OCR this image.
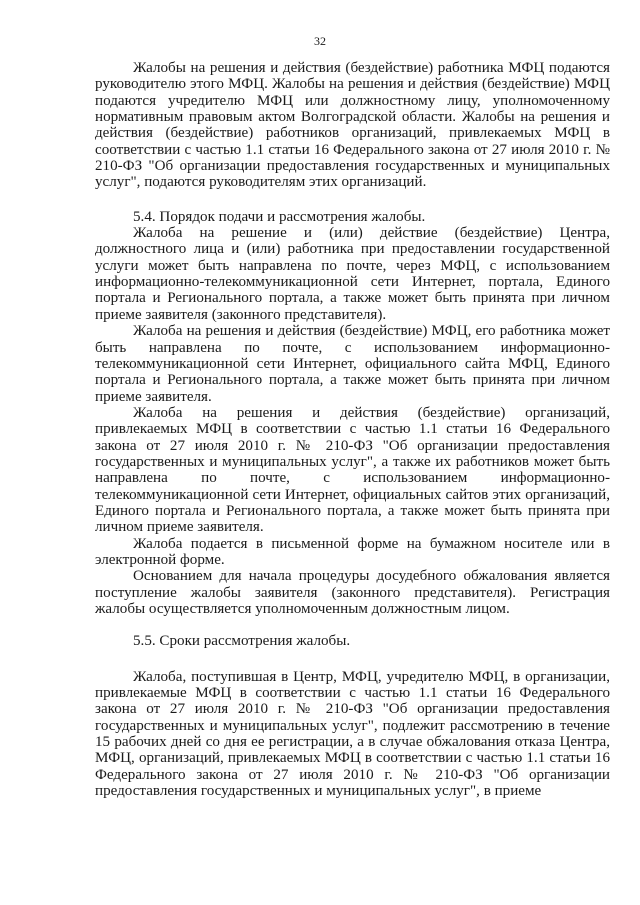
32

Жалобы на решения и действия (бездействие) работника МФЦ подаются руководителю этого МФЦ. Жалобы на решения и действия (бездействие) МФЦ подаются учредителю МФЦ или должностному лицу, уполномоченному нормативным правовым актом Волгоградской области. Жалобы на решения и действия (бездействие) работников организаций, привлекаемых МФЦ в соответствии с частью 1.1 статьи 16 Федерального закона от 27 июля 2010 г. № 210-ФЗ "Об организации предоставления государственных и муниципальных услуг", подаются руководителям этих организаций.

5.4. Порядок подачи и рассмотрения жалобы.

Жалоба на решение и (или) действие (бездействие) Центра, должностного лица и (или) работника при предоставлении государственной услуги может быть направлена по почте, через МФЦ, с использованием информационно-телекоммуникационной сети Интернет, портала, Единого портала и Регионального портала, а также может быть принята при личном приеме заявителя (законного представителя).

Жалоба на решения и действия (бездействие) МФЦ, его работника может быть направлена по почте, с использованием информационно-телекоммуникационной сети Интернет, официального сайта МФЦ, Единого портала и Регионального портала, а также может быть принята при личном приеме заявителя.

Жалоба на решения и действия (бездействие) организаций, привлекаемых МФЦ в соответствии с частью 1.1 статьи 16 Федерального закона от 27 июля 2010 г. № 210-ФЗ "Об организации предоставления государственных и муниципальных услуг", а также их работников может быть направлена по почте, с использованием информационно-телекоммуникационной сети Интернет, официальных сайтов этих организаций, Единого портала и Регионального портала, а также может быть принята при личном приеме заявителя.

Жалоба подается в письменной форме на бумажном носителе или в электронной форме.

Основанием для начала процедуры досудебного обжалования является поступление жалобы заявителя (законного представителя). Регистрация жалобы осуществляется уполномоченным должностным лицом.

5.5. Сроки рассмотрения жалобы.

Жалоба, поступившая в Центр, МФЦ, учредителю МФЦ, в организации, привлекаемые МФЦ в соответствии с частью 1.1 статьи 16 Федерального закона от 27 июля 2010 г. № 210-ФЗ "Об организации предоставления государственных и муниципальных услуг", подлежит рассмотрению в течение 15 рабочих дней со дня ее регистрации, а в случае обжалования отказа Центра, МФЦ, организаций, привлекаемых МФЦ в соответствии с частью 1.1 статьи 16 Федерального закона от 27 июля 2010 г. № 210-ФЗ "Об организации предоставления государственных и муниципальных услуг", в приеме
